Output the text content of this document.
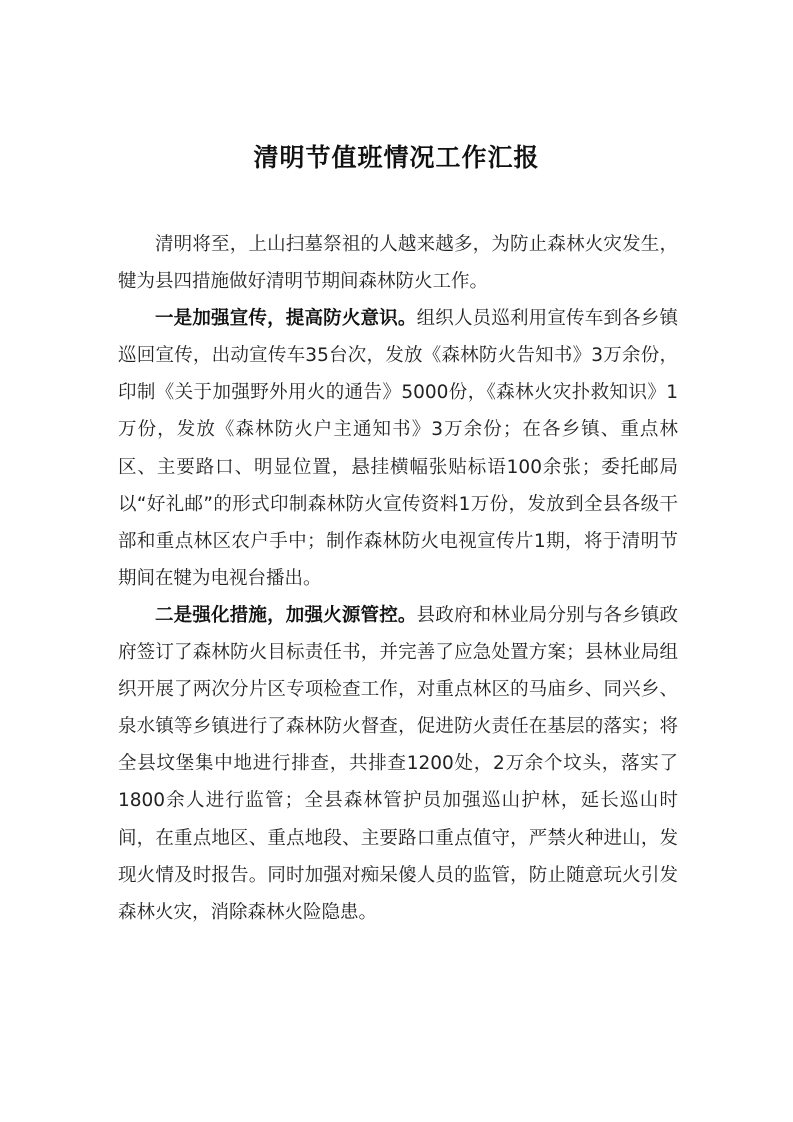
清明节值班情况工作汇报

清明将至，上山扫墓祭祖的人越来越多，为防止森林火灾发生，犍为县四措施做好清明节期间森林防火工作。

一是加强宣传，提高防火意识。组织人员巡利用宣传车到各乡镇巡回宣传，出动宣传车35台次，发放《森林防火告知书》3万余份，印制《关于加强野外用火的通告》5000份，《森林火灾扑救知识》1万份，发放《森林防火户主通知书》3万余份；在各乡镇、重点林区、主要路口、明显位置，悬挂横幅张贴标语100余张；委托邮局以“好礼邮”的形式印制森林防火宣传资料1万份，发放到全县各级干部和重点林区农户手中；制作森林防火电视宣传片1期，将于清明节期间在犍为电视台播出。

二是强化措施，加强火源管控。县政府和林业局分别与各乡镇政府签订了森林防火目标责任书，并完善了应急处置方案；县林业局组织开展了两次分片区专项检查工作，对重点林区的马庙乡、同兴乡、泉水镇等乡镇进行了森林防火督查，促进防火责任在基层的落实；将全县坟堡集中地进行排查，共排查1200处，2万余个坟头，落实了1800余人进行监管；全县森林管护员加强巡山护林，延长巡山时间，在重点地区、重点地段、主要路口重点值守，严禁火种进山，发现火情及时报告。同时加强对痴呆傻人员的监管，防止随意玩火引发森林火灾，消除森林火险隐患。
